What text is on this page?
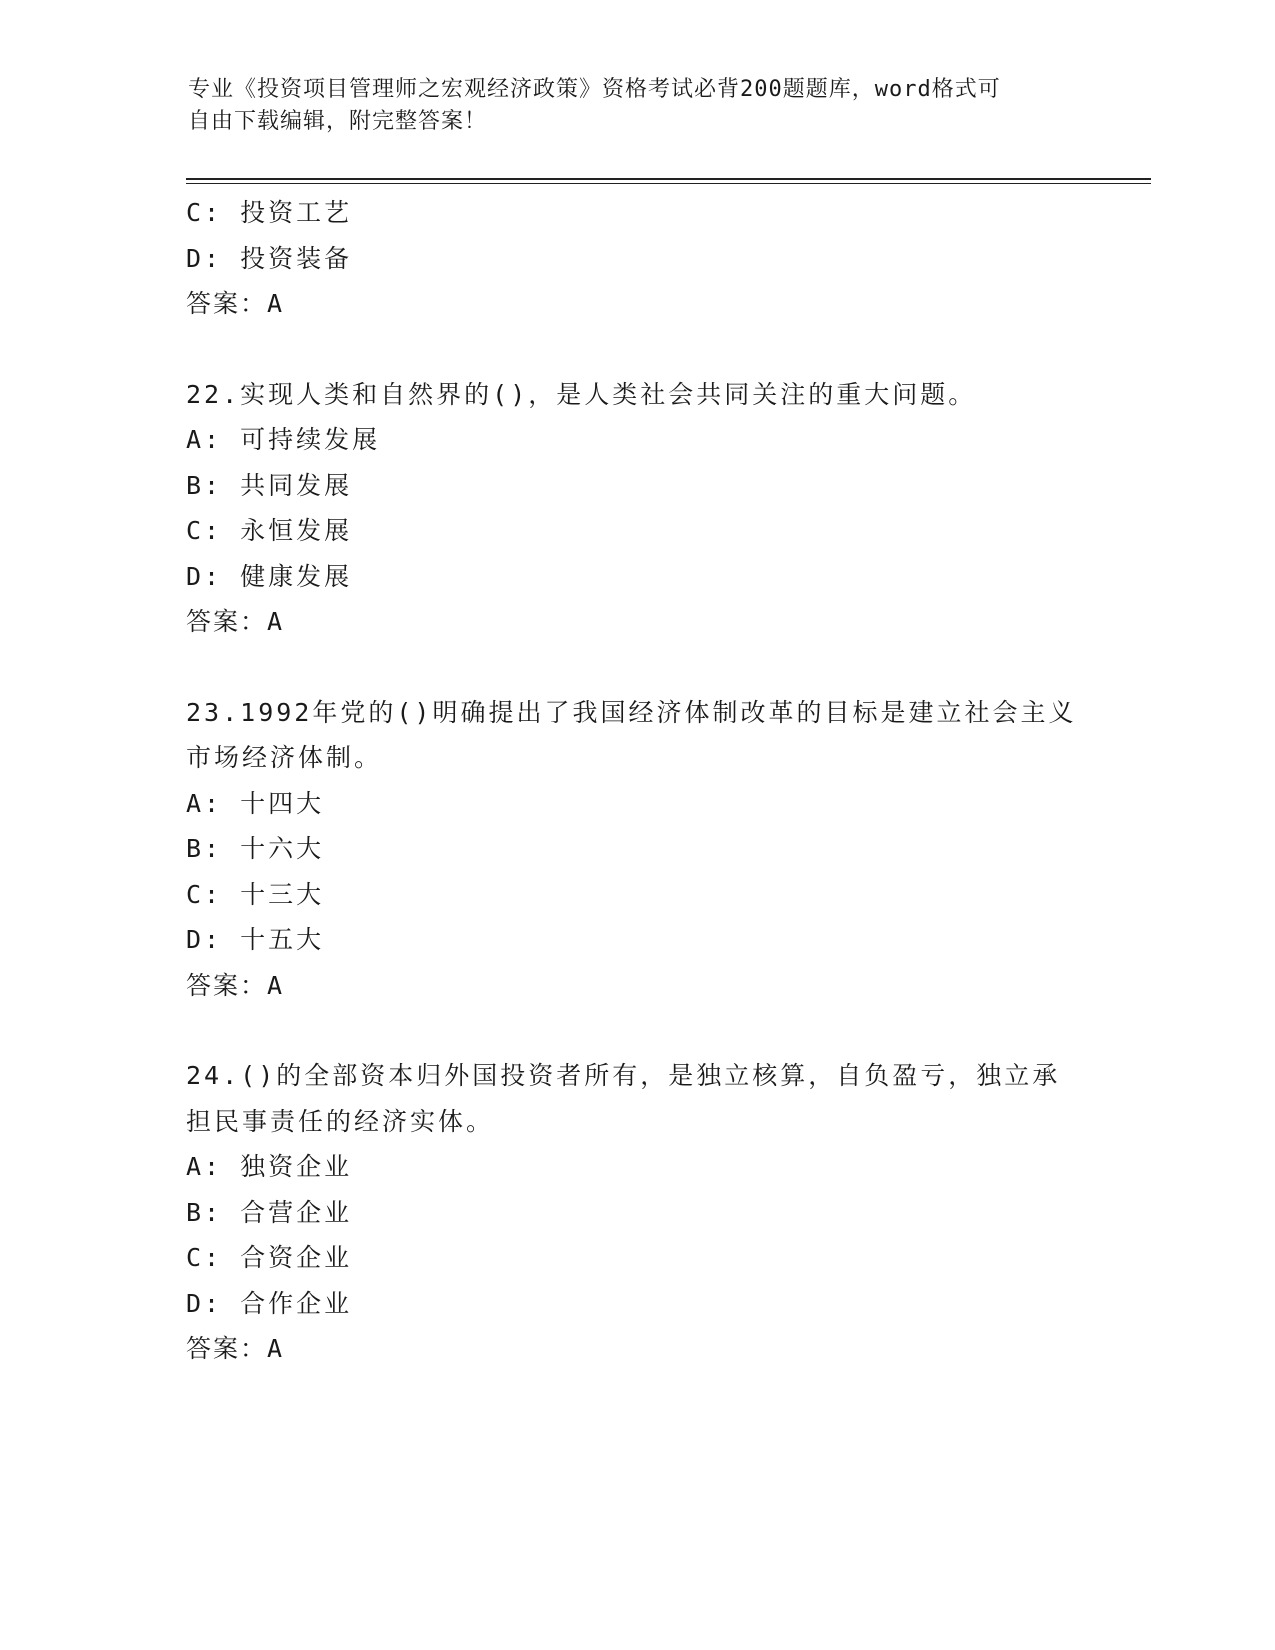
专业《投资项目管理师之宏观经济政策》资格考试必背200题题库，word格式可
自由下载编辑，附完整答案！
C: 投资工艺
D: 投资装备
答案：A
22.实现人类和自然界的()，是人类社会共同关注的重大问题。
A: 可持续发展
B: 共同发展
C: 永恒发展
D: 健康发展
答案：A
23.1992年党的()明确提出了我国经济体制改革的目标是建立社会主义
市场经济体制。
A: 十四大
B: 十六大
C: 十三大
D: 十五大
答案：A
24.()的全部资本归外国投资者所有，是独立核算，自负盈亏，独立承
担民事责任的经济实体。
A: 独资企业
B: 合营企业
C: 合资企业
D: 合作企业
答案：A
